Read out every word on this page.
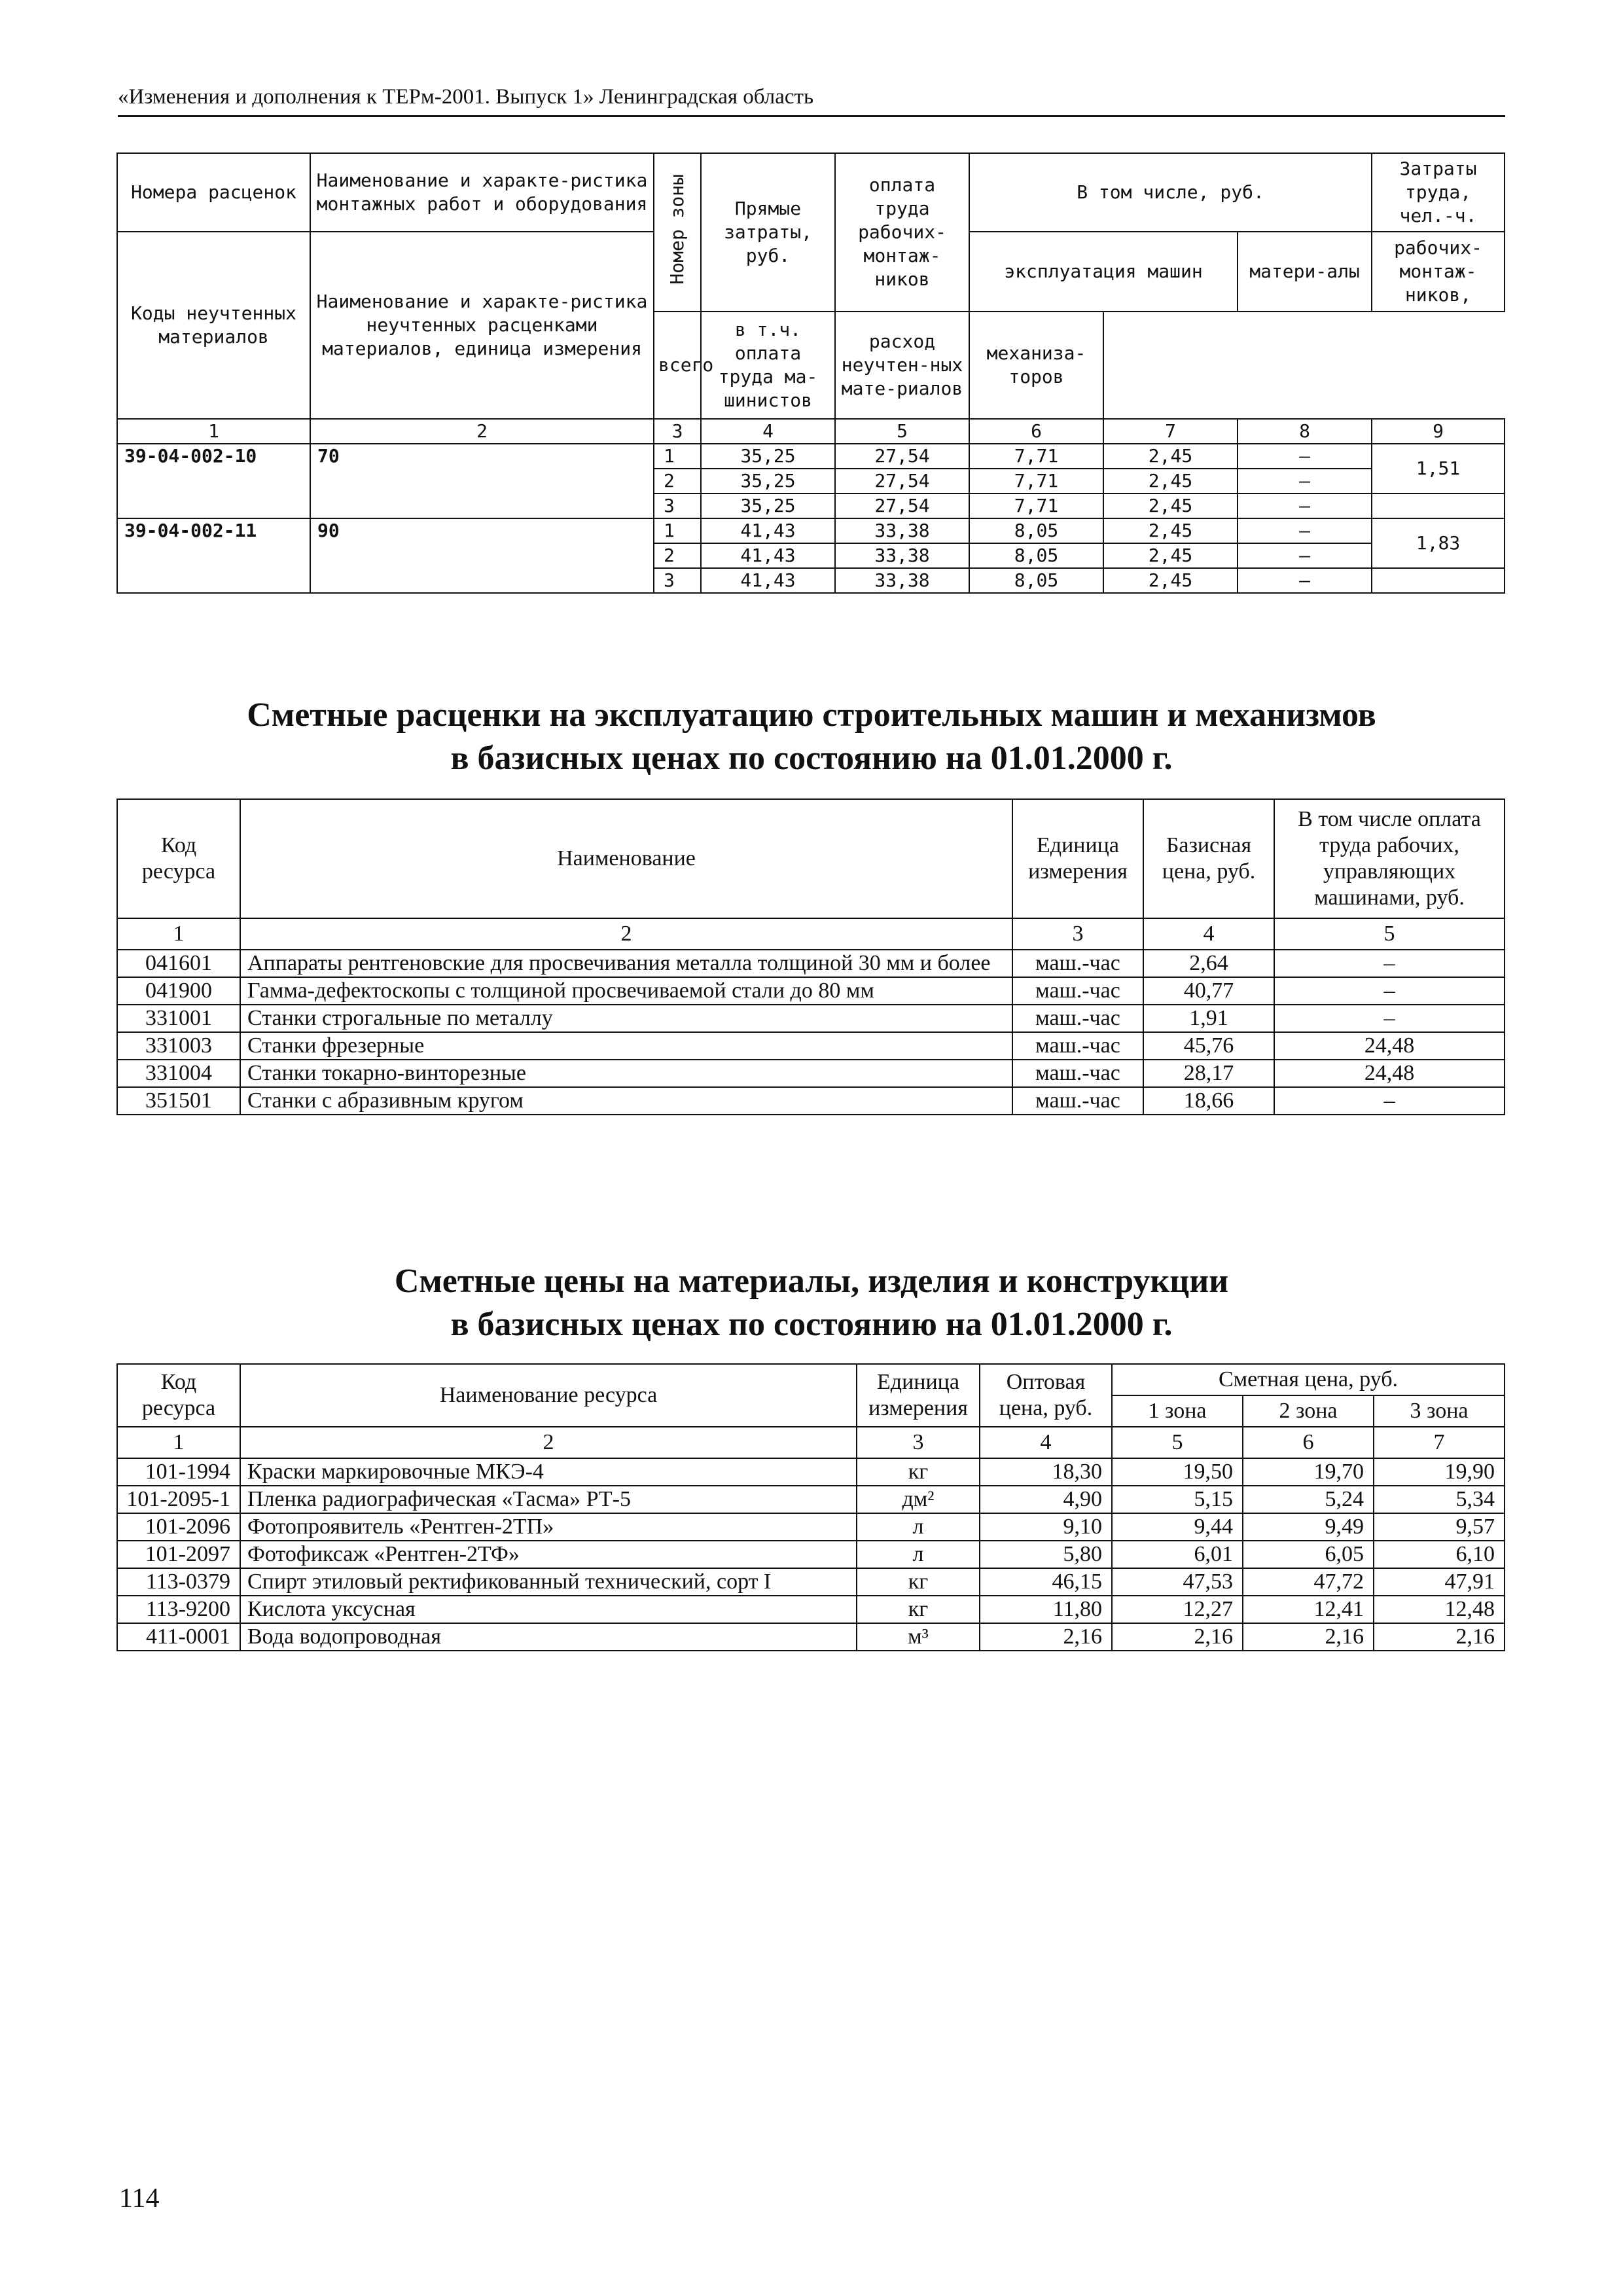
«Изменения и дополнения к ТЕРм-2001. Выпуск 1» Ленинградская область
Номера расценок	Наименование и характе-ристика монтажных работ и оборудования	Номер зоны	Прямые затраты, руб.	оплата труда рабочих-монтаж-ников	В том числе, руб.			Затраты труда, чел.-ч.

Коды неучтенных материалов	Наименование и характе-ристика неучтенных расценками материалов, единица измерения				эксплуатация машин		матери-алы	рабочих-монтаж-ников,
		всего	в т.ч. оплата труда ма-шинистов	расход неучтен-ных мате-риалов	механиза-торов			
1	2	3	4	5	6	7	8	9
39-04-002-10	70	1	35,25	27,54	7,71	2,45	–	1,51
		2	35,25	27,54	7,71	2,45	–	
		3	35,25	27,54	7,71	2,45	–	
39-04-002-11	90	1	41,43	33,38	8,05	2,45	–	1,83
		2	41,43	33,38	8,05	2,45	–	
		3	41,43	33,38	8,05	2,45	–	
Сметные расценки на эксплуатацию строительных машин и механизмов
в базисных ценах по состоянию на 01.01.2000 г.
Код ресурса	Наименование	Единица измерения	Базисная цена, руб.	В том числе оплата труда рабочих, управляющих машинами, руб.
1	2	3	4	5
041601	Аппараты рентгеновские для просвечивания металла толщиной 30 мм и более	маш.-час	2,64	–
041900	Гамма-дефектоскопы с толщиной просвечиваемой стали до 80 мм	маш.-час	40,77	–
331001	Станки строгальные по металлу	маш.-час	1,91	–
331003	Станки фрезерные	маш.-час	45,76	24,48
331004	Станки токарно-винторезные	маш.-час	28,17	24,48
351501	Станки с абразивным кругом	маш.-час	18,66	–
Сметные цены на материалы, изделия и конструкции
в базисных ценах по состоянию на 01.01.2000 г.
Код ресурса	Наименование ресурса	Единица измерения	Оптовая цена, руб.	Сметная цена, руб.		
				1 зона	2 зона	3 зона
1	2	3	4	5	6	7
101-1994	Краски маркировочные МКЭ-4	кг	18,30	19,50	19,70	19,90
101-2095-1	Пленка радиографическая «Тасма» РТ-5	дм²	4,90	5,15	5,24	5,34
101-2096	Фотопроявитель «Рентген-2ТП»	л	9,10	9,44	9,49	9,57
101-2097	Фотофиксаж «Рентген-2ТФ»	л	5,80	6,01	6,05	6,10
113-0379	Спирт этиловый ректификованный технический, сорт I	кг	46,15	47,53	47,72	47,91
113-9200	Кислота уксусная	кг	11,80	12,27	12,41	12,48
411-0001	Вода водопроводная	м³	2,16	2,16	2,16	2,16
114
